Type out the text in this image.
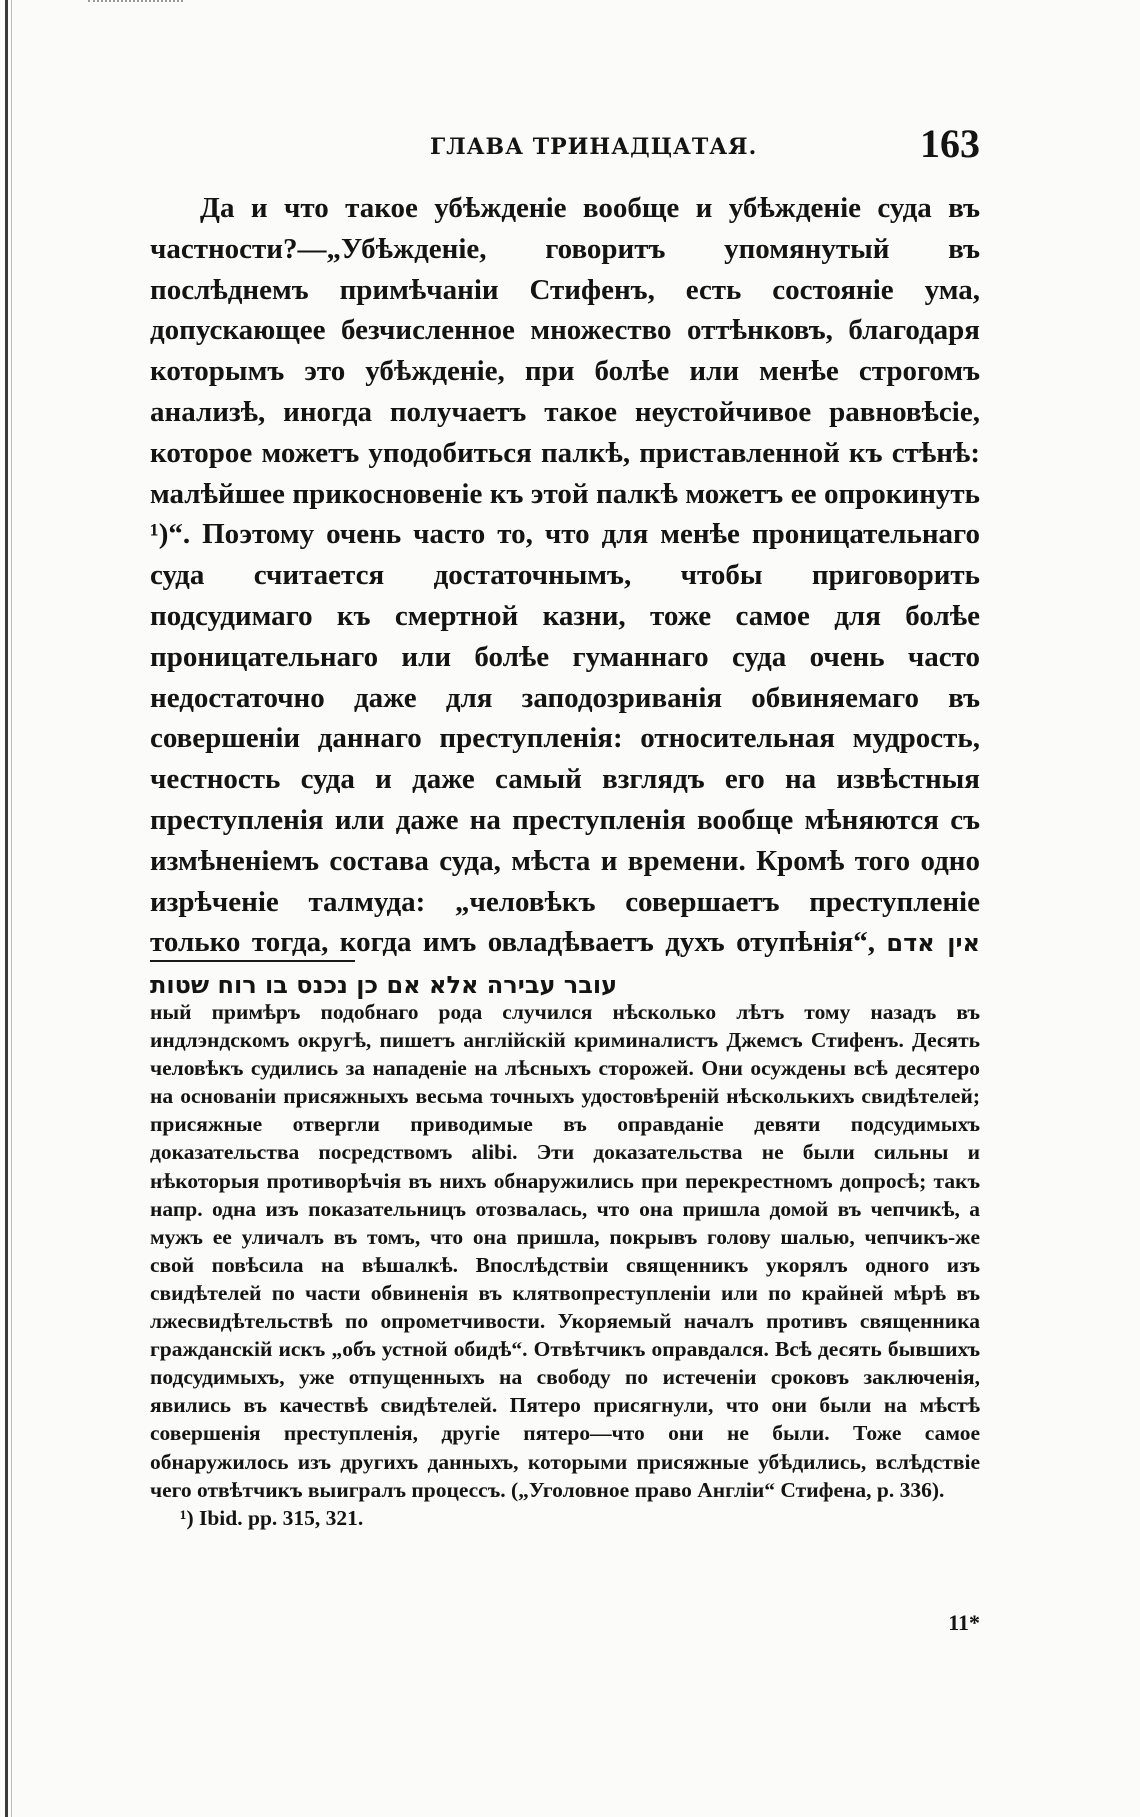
ГЛАВА ТРИНАДЦАТАЯ.	163

Да и что такое убѣжденіе вообще и убѣжденіе суда въ частности?—„Убѣжденіе, говоритъ упомянутый въ послѣднемъ примѣчаніи Стифенъ, есть состояніе ума, допускающее безчисленное множество оттѣнковъ, благодаря которымъ это убѣжденіе, при болѣе или менѣе строгомъ анализѣ, иногда получаетъ такое неустойчивое равновѣсіе, которое можетъ уподобиться палкѣ, приставленной къ стѣнѣ: малѣйшее прикосновеніе къ этой палкѣ можетъ ее опрокинуть ¹)“. Поэтому очень часто то, что для менѣе проницательнаго суда считается достаточнымъ, чтобы приговорить подсудимаго къ смертной казни, тоже самое для болѣе проницательнаго или болѣе гуманнаго суда очень часто недостаточно даже для заподозриванія обвиняемаго въ совершеніи даннаго преступленія: относительная мудрость, честность суда и даже самый взглядъ его на извѣстныя преступленія или даже на преступленія вообще мѣняются съ измѣненіемъ состава суда, мѣста и времени. Кромѣ того одно изрѣченіе талмуда: „человѣкъ совершаетъ преступленіе только тогда, когда имъ овладѣваетъ духъ отупѣнія“, אין אדם עובר עבירה אלא אם כן נכנס בו רוח שטות

ный примѣръ подобнаго рода случился нѣсколько лѣтъ тому назадъ въ индлэндскомъ округѣ, пишетъ англійскій криминалистъ Джемсъ Стифенъ. Десять человѣкъ судились за нападеніе на лѣсныхъ сторожей. Они осуждены всѣ десятеро на основаніи присяжныхъ весьма точныхъ удостовѣреній нѣсколькихъ свидѣтелей; присяжные отвергли приводимые въ оправданіе девяти подсудимыхъ доказательства посредствомъ alibi. Эти доказательства не были сильны и нѣкоторыя противорѣчія въ нихъ обнаружились при перекрестномъ допросѣ; такъ напр. одна изъ показательницъ отозвалась, что она пришла домой въ чепчикѣ, а мужъ ее уличалъ въ томъ, что она пришла, покрывъ голову шалью, чепчикъ-же свой повѣсила на вѣшалкѣ. Впослѣдствіи священникъ укорялъ одного изъ свидѣтелей по части обвиненія въ клятвопреступленіи или по крайней мѣрѣ въ лжесвидѣтельствѣ по опрометчивости. Укоряемый началъ противъ священника гражданскій искъ „объ устной обидѣ“. Отвѣтчикъ оправдался. Всѣ десять бывшихъ подсудимыхъ, уже отпущенныхъ на свободу по истеченіи сроковъ заключенія, явились въ качествѣ свидѣтелей. Пятеро присягнули, что они были на мѣстѣ совершенія преступленія, другіе пятеро—что они не были. Тоже самое обнаружилось изъ другихъ данныхъ, которыми присяжные убѣдились, вслѣдствіе чего отвѣтчикъ выигралъ процессъ. („Уголовное право Англіи“ Стифена, р. 336).

¹) Ibid. pp. 315, 321.

11*
